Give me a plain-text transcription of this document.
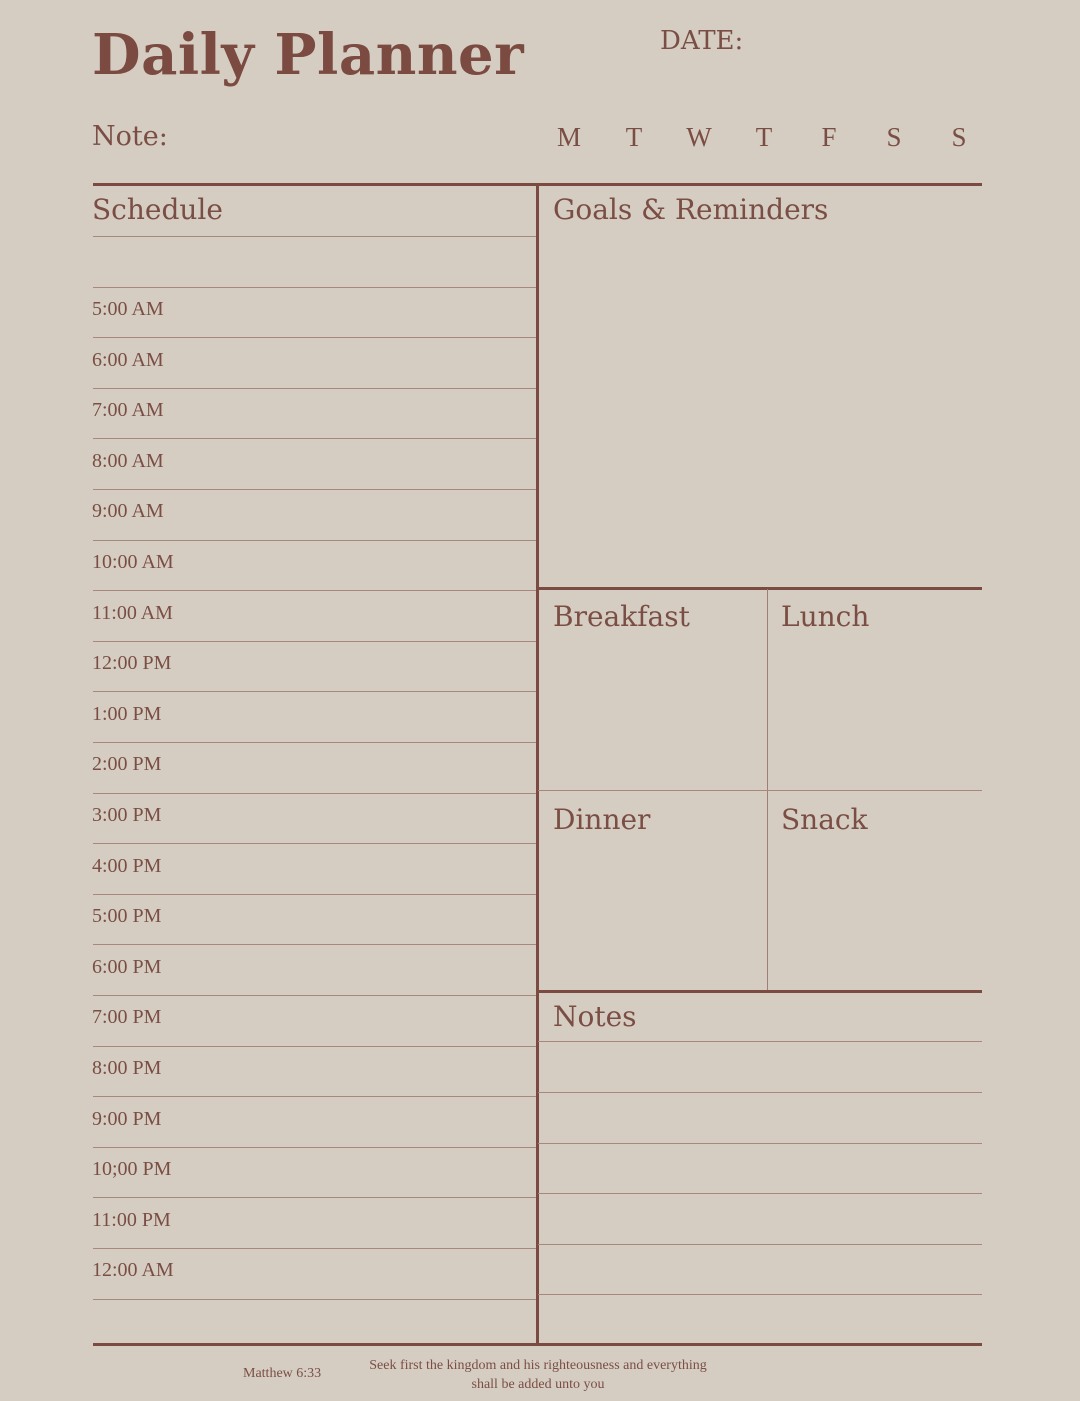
Daily Planner	DATE:
Note:	M	T	W	T	F	S	S
Schedule	Goals & Reminders
Breakfast	Lunch
Dinner	Snack
Notes
5:00 AM
6:00 AM
7:00 AM
8:00 AM
9:00 AM
10:00 AM
11:00 AM
12:00 PM
1:00 PM
2:00 PM
3:00 PM
4:00 PM
5:00 PM
6:00 PM
7:00 PM
8:00 PM
9:00 PM
10;00 PM
11:00 PM
12:00 AM
Matthew 6:33
Seek first the kingdom and his righteousness and everything shall be added unto you
